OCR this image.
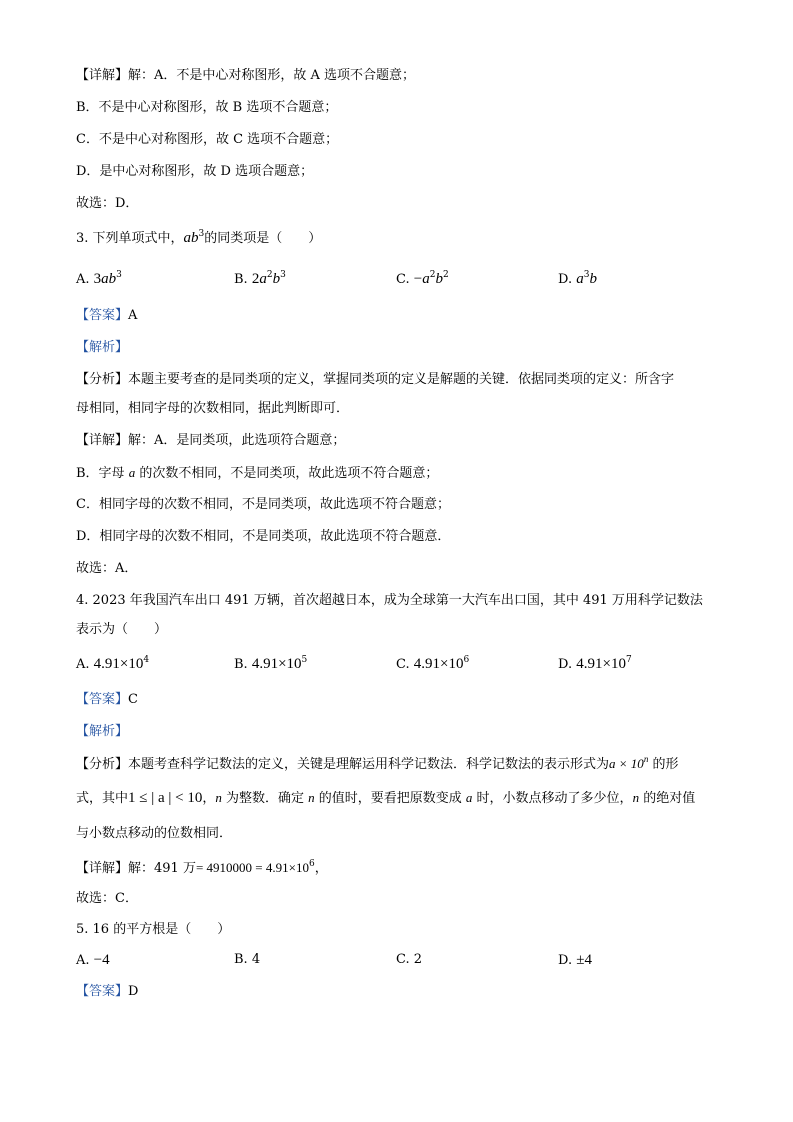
【详解】解：A．不是中心对称图形，故 A 选项不合题意；
B．不是中心对称图形，故 B 选项不合题意；
C．不是中心对称图形，故 C 选项不合题意；
D．是中心对称图形，故 D 选项合题意；
故选：D．
3. 下列单项式中，$ab^3$的同类项是（　　）
A. $3ab^3$	B. $2a^2b^3$	C. $-a^2b^2$	D. $a^3b$
【答案】A
【解析】
【分析】本题主要考查的是同类项的定义，掌握同类项的定义是解题的关键．依据同类项的定义：所含字
母相同，相同字母的次数相同，据此判断即可．
【详解】解：A．是同类项，此选项符合题意；
B．字母 a 的次数不相同，不是同类项，故此选项不符合题意；
C．相同字母的次数不相同，不是同类项，故此选项不符合题意；
D．相同字母的次数不相同，不是同类项，故此选项不符合题意．
故选：A．
4. 2023 年我国汽车出口 491 万辆，首次超越日本，成为全球第一大汽车出口国，其中 491 万用科学记数法
表示为（　　）
A. $4.91\times 10^4$	B. $4.91\times 10^5$	C. $4.91\times 10^6$	D. $4.91\times 10^7$
【答案】C
【解析】
【分析】本题考查科学记数法的定义，关键是理解运用科学记数法．科学记数法的表示形式为$a \times 10^n$ 的形
式，其中1 ≤ | a | < 10，n 为整数．确定 n 的值时，要看把原数变成 a 时，小数点移动了多少位，n 的绝对值
与小数点移动的位数相同．
【详解】解：491 万= $4910000 = 4.91\times 10^6$，
故选：C．
5. 16 的平方根是（　　）
A. −4	B. 4	C. 2	D. ±4
【答案】D
